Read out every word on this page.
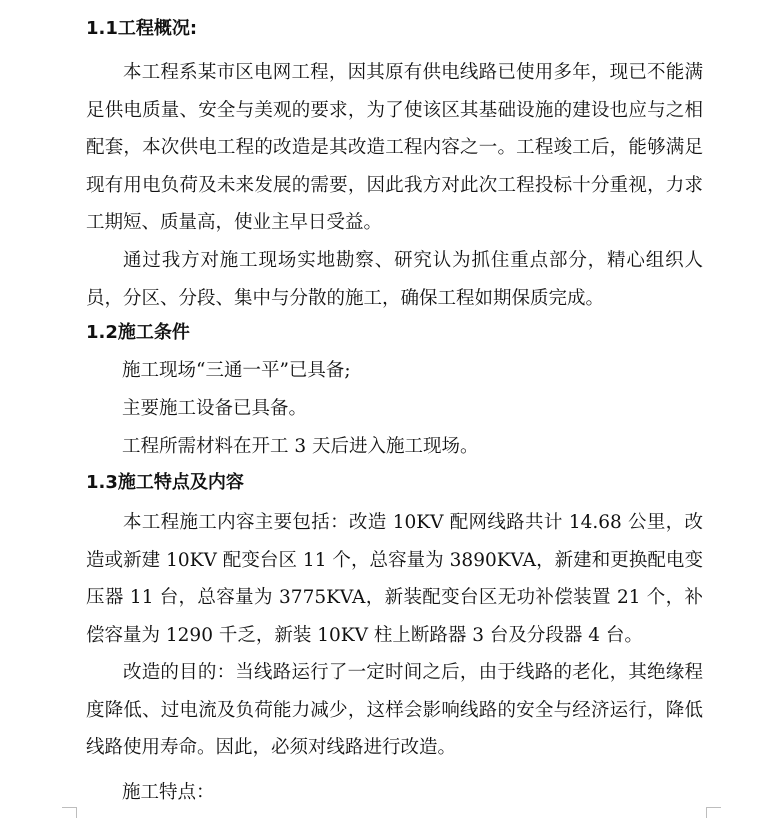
1.1工程概况:

本工程系某市区电网工程，因其原有供电线路已使用多年，现已不能满足供电质量、安全与美观的要求，为了使该区其基础设施的建设也应与之相配套，本次供电工程的改造是其改造工程内容之一。工程竣工后，能够满足现有用电负荷及未来发展的需要，因此我方对此次工程投标十分重视，力求工期短、质量高，使业主早日受益。

通过我方对施工现场实地勘察、研究认为抓住重点部分，精心组织人员，分区、分段、集中与分散的施工，确保工程如期保质完成。

1.2施工条件
施工现场“三通一平”已具备;
主要施工设备已具备。
工程所需材料在开工 3 天后进入施工现场。
1.3施工特点及内容

本工程施工内容主要包括：改造 10KV 配网线路共计 14.68 公里，改造或新建 10KV 配变台区 11 个，总容量为 3890KVA，新建和更换配电变压器 11 台，总容量为 3775KVA，新装配变台区无功补偿装置 21 个，补偿容量为 1290 千乏，新装 10KV 柱上断路器 3 台及分段器 4 台。

改造的目的：当线路运行了一定时间之后，由于线路的老化，其绝缘程度降低、过电流及负荷能力减少，这样会影响线路的安全与经济运行，降低线路使用寿命。因此，必须对线路进行改造。

施工特点：
